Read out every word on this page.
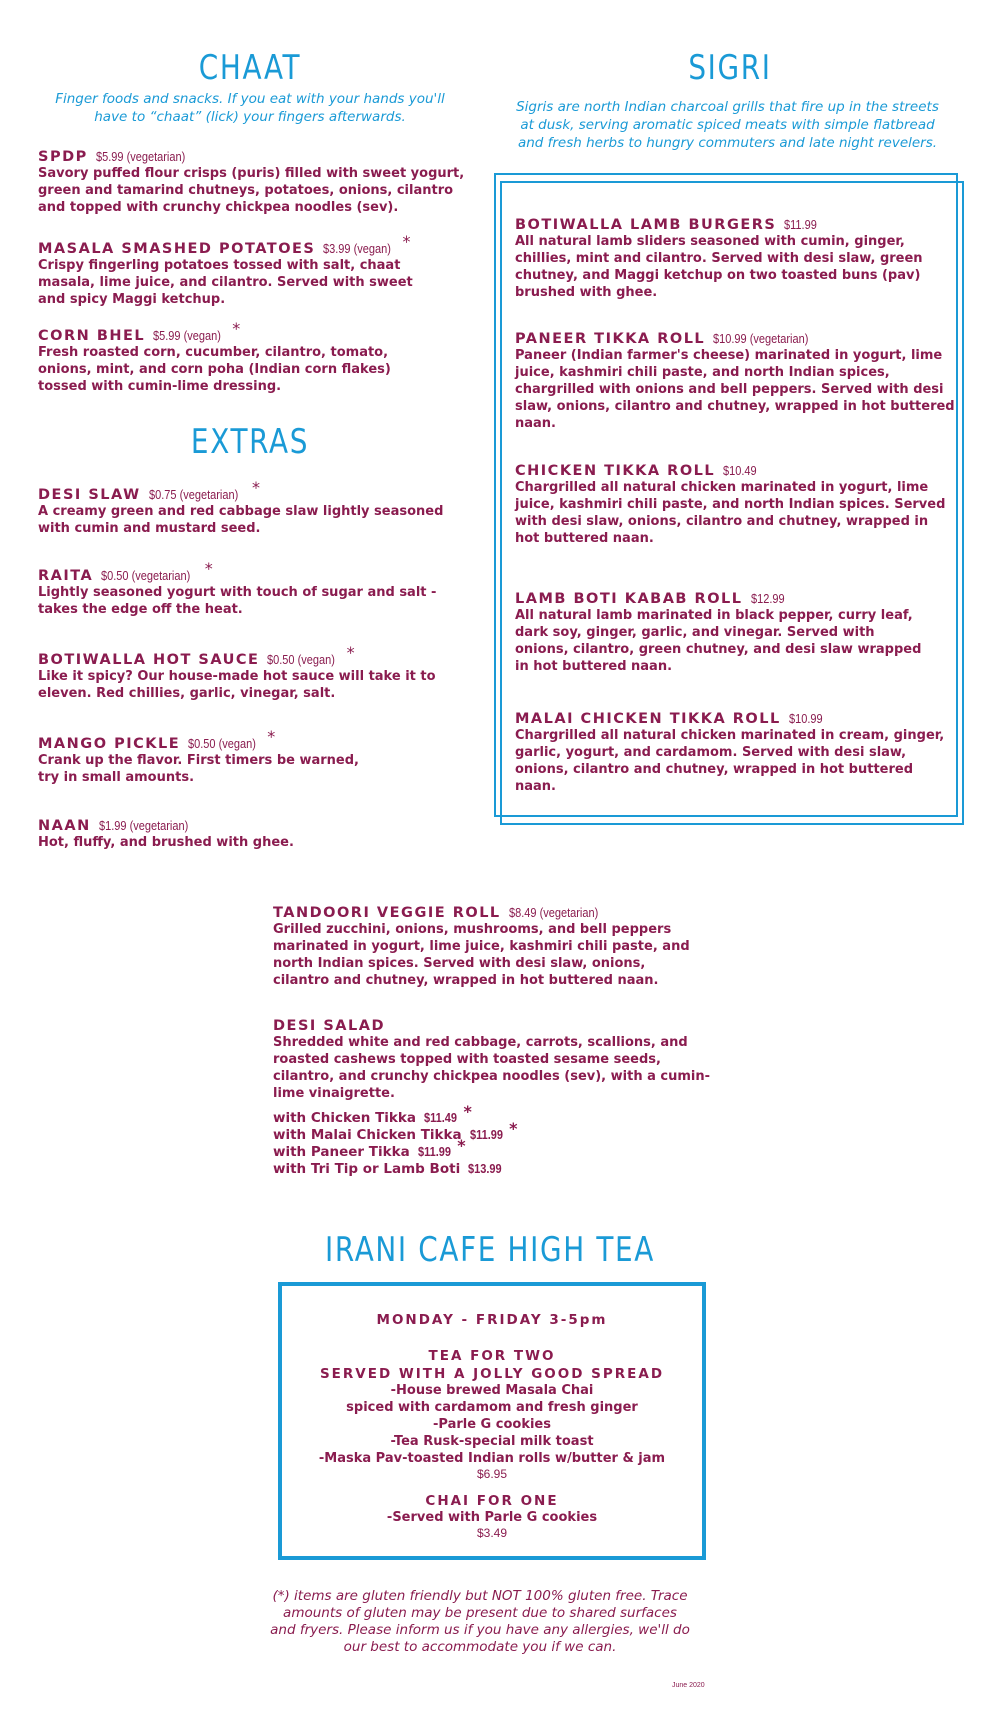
CHAAT

Finger foods and snacks. If you eat with your hands you'll have to “chaat” (lick) your fingers afterwards.

SPDP $5.99 (vegetarian)

Savory puffed flour crisps (puris) filled with sweet yogurt, green and tamarind chutneys, potatoes, onions, cilantro and topped with crunchy chickpea noodles (sev).

MASALA SMASHED POTATOES $3.99 (vegan) *

Crispy fingerling potatoes tossed with salt, chaat masala, lime juice, and cilantro. Served with sweet and spicy Maggi ketchup.

CORN BHEL $5.99 (vegan) *

Fresh roasted corn, cucumber, cilantro, tomato, onions, mint, and corn poha (Indian corn flakes) tossed with cumin-lime dressing.

EXTRAS
DESI SLAW $0.75 (vegetarian) *

A creamy green and red cabbage slaw lightly seasoned with cumin and mustard seed.

RAITA $0.50 (vegetarian) *

Lightly seasoned yogurt with touch of sugar and salt - takes the edge off the heat.

BOTIWALLA HOT SAUCE $0.50 (vegan) *

Like it spicy? Our house-made hot sauce will take it to eleven. Red chillies, garlic, vinegar, salt.

MANGO PICKLE $0.50 (vegan) *

Crank up the flavor. First timers be warned, try in small amounts.

NAAN $1.99 (vegetarian)

Hot, fluffy, and brushed with ghee.

SIGRI

Sigris are north Indian charcoal grills that fire up in the streets at dusk, serving aromatic spiced meats with simple flatbread and fresh herbs to hungry commuters and late night revelers.

BOTIWALLA LAMB BURGERS $11.99

All natural lamb sliders seasoned with cumin, ginger, chillies, mint and cilantro. Served with desi slaw, green chutney, and Maggi ketchup on two toasted buns (pav) brushed with ghee.

PANEER TIKKA ROLL $10.99 (vegetarian)

Paneer (Indian farmer's cheese) marinated in yogurt, lime juice, kashmiri chili paste, and north Indian spices, chargrilled with onions and bell peppers. Served with desi slaw, onions, cilantro and chutney, wrapped in hot buttered naan.

CHICKEN TIKKA ROLL $10.49

Chargrilled all natural chicken marinated in yogurt, lime juice, kashmiri chili paste, and north Indian spices. Served with desi slaw, onions, cilantro and chutney, wrapped in hot buttered naan.

LAMB BOTI KABAB ROLL $12.99

All natural lamb marinated in black pepper, curry leaf, dark soy, ginger, garlic, and vinegar. Served with onions, cilantro, green chutney, and desi slaw wrapped in hot buttered naan.

MALAI CHICKEN TIKKA ROLL $10.99

Chargrilled all natural chicken marinated in cream, ginger, garlic, yogurt, and cardamom. Served with desi slaw, onions, cilantro and chutney, wrapped in hot buttered naan.

TANDOORI VEGGIE ROLL $8.49 (vegetarian)

Grilled zucchini, onions, mushrooms, and bell peppers marinated in yogurt, lime juice, kashmiri chili paste, and north Indian spices. Served with desi slaw, onions, cilantro and chutney, wrapped in hot buttered naan.

DESI SALAD

Shredded white and red cabbage, carrots, scallions, and roasted cashews topped with toasted sesame seeds, cilantro, and crunchy chickpea noodles (sev), with a cumin-lime vinaigrette.

with Chicken Tikka $11.49 *
with Malai Chicken Tikka $11.99 *
with Paneer Tikka $11.99 *
with Tri Tip or Lamb Boti $13.99
IRANI CAFE HIGH TEA

MONDAY - FRIDAY 3-5pm

TEA FOR TWO

SERVED WITH A JOLLY GOOD SPREAD

-House brewed Masala Chai

spiced with cardamom and fresh ginger

-Parle G cookies

-Tea Rusk-special milk toast

-Maska Pav-toasted Indian rolls w/butter & jam

$6.95

CHAI FOR ONE

-Served with Parle G cookies

$3.49

(*) items are gluten friendly but NOT 100% gluten free. Trace amounts of gluten may be present due to shared surfaces and fryers. Please inform us if you have any allergies, we'll do our best to accommodate you if we can.

June 2020
